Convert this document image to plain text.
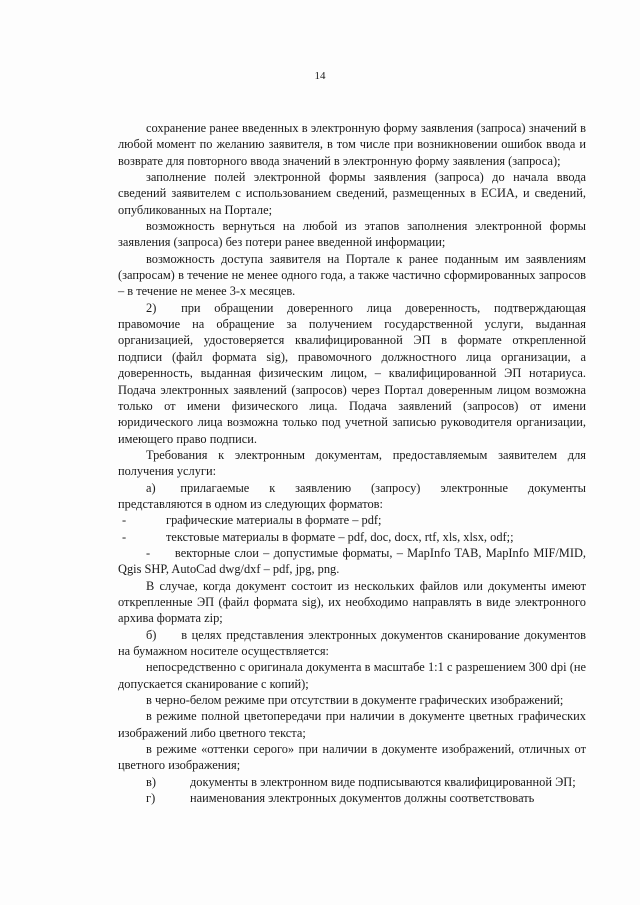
14

сохранение ранее введенных в электронную форму заявления (запроса) значений в любой момент по желанию заявителя, в том числе при возникновении ошибок ввода и возврате для повторного ввода значений в электронную форму заявления (запроса);

заполнение полей электронной формы заявления (запроса) до начала ввода сведений заявителем с использованием сведений, размещенных в ЕСИА, и сведений, опубликованных на Портале;

возможность вернуться на любой из этапов заполнения электронной формы заявления (запроса) без потери ранее введенной информации;

возможность доступа заявителя на Портале к ранее поданным им заявлениям (запросам) в течение не менее одного года, а также частично сформированных запросов – в течение не менее 3-х месяцев.

2)   при обращении доверенного лица доверенность, подтверждающая правомочие на обращение за получением государственной услуги, выданная организацией, удостоверяется квалифицированной ЭП в формате открепленной подписи (файл формата sig), правомочного должностного лица организации, а доверенность, выданная физическим лицом, – квалифицированной ЭП нотариуса. Подача электронных заявлений (запросов) через Портал доверенным лицом возможна только от имени физического лица. Подача заявлений (запросов) от имени юридического лица возможна только под учетной записью руководителя организации, имеющего право подписи.

Требования к электронным документам, предоставляемым заявителем для получения услуги:

а)   прилагаемые к заявлению (запросу) электронные документы представляются в одном из следующих форматов:

-	графические материалы в формате – pdf;
-	текстовые материалы в формате – pdf, doc, docx, rtf, xls, xlsx, odf;;

-   векторные слои – допустимые форматы, – MapInfo TAB, MapInfo MIF/MID, Qgis SHP, AutoCad dwg/dxf – pdf, jpg, png.

В случае, когда документ состоит из нескольких файлов или документы имеют открепленные ЭП (файл формата sig), их необходимо направлять в виде электронного архива формата zip;

б)   в целях представления электронных документов сканирование документов на бумажном носителе осуществляется:

непосредственно с оригинала документа в масштабе 1:1 с разрешением 300 dpi (не допускается сканирование с копий);

в черно-белом режиме при отсутствии в документе графических изображений;

в режиме полной цветопередачи при наличии в документе цветных графических изображений либо цветного текста;

в режиме «оттенки серого» при наличии в документе изображений, отличных от цветного изображения;

в)	документы в электронном виде подписываются квалифицированной ЭП;
г)	наименования электронных документов должны соответствовать
